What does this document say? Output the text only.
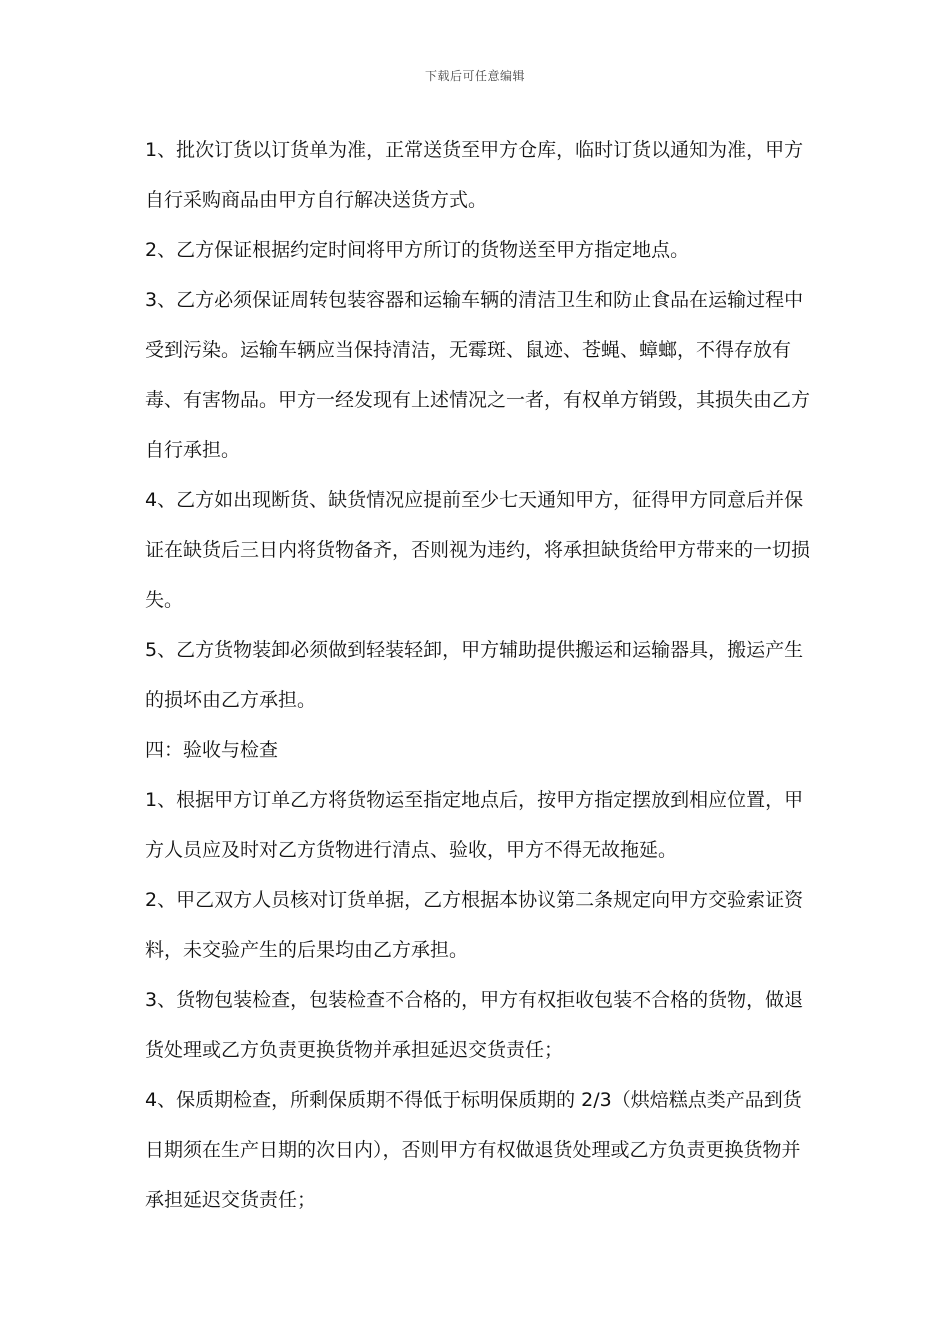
下载后可任意编辑

1、批次订货以订货单为准，正常送货至甲方仓库，临时订货以通知为准，甲方自行采购商品由甲方自行解决送货方式。

2、乙方保证根据约定时间将甲方所订的货物送至甲方指定地点。

3、乙方必须保证周转包装容器和运输车辆的清洁卫生和防止食品在运输过程中受到污染。运输车辆应当保持清洁，无霉斑、鼠迹、苍蝇、蟑螂，不得存放有毒、有害物品。甲方一经发现有上述情况之一者，有权单方销毁，其损失由乙方自行承担。

4、乙方如出现断货、缺货情况应提前至少七天通知甲方，征得甲方同意后并保证在缺货后三日内将货物备齐，否则视为违约，将承担缺货给甲方带来的一切损失。

5、乙方货物装卸必须做到轻装轻卸，甲方辅助提供搬运和运输器具，搬运产生的损坏由乙方承担。

四：验收与检查

1、根据甲方订单乙方将货物运至指定地点后，按甲方指定摆放到相应位置，甲方人员应及时对乙方货物进行清点、验收，甲方不得无故拖延。

2、甲乙双方人员核对订货单据，乙方根据本协议第二条规定向甲方交验索证资料，未交验产生的后果均由乙方承担。

3、货物包装检查，包装检查不合格的，甲方有权拒收包装不合格的货物，做退货处理或乙方负责更换货物并承担延迟交货责任；

4、保质期检查，所剩保质期不得低于标明保质期的 2/3（烘焙糕点类产品到货日期须在生产日期的次日内），否则甲方有权做退货处理或乙方负责更换货物并承担延迟交货责任；
